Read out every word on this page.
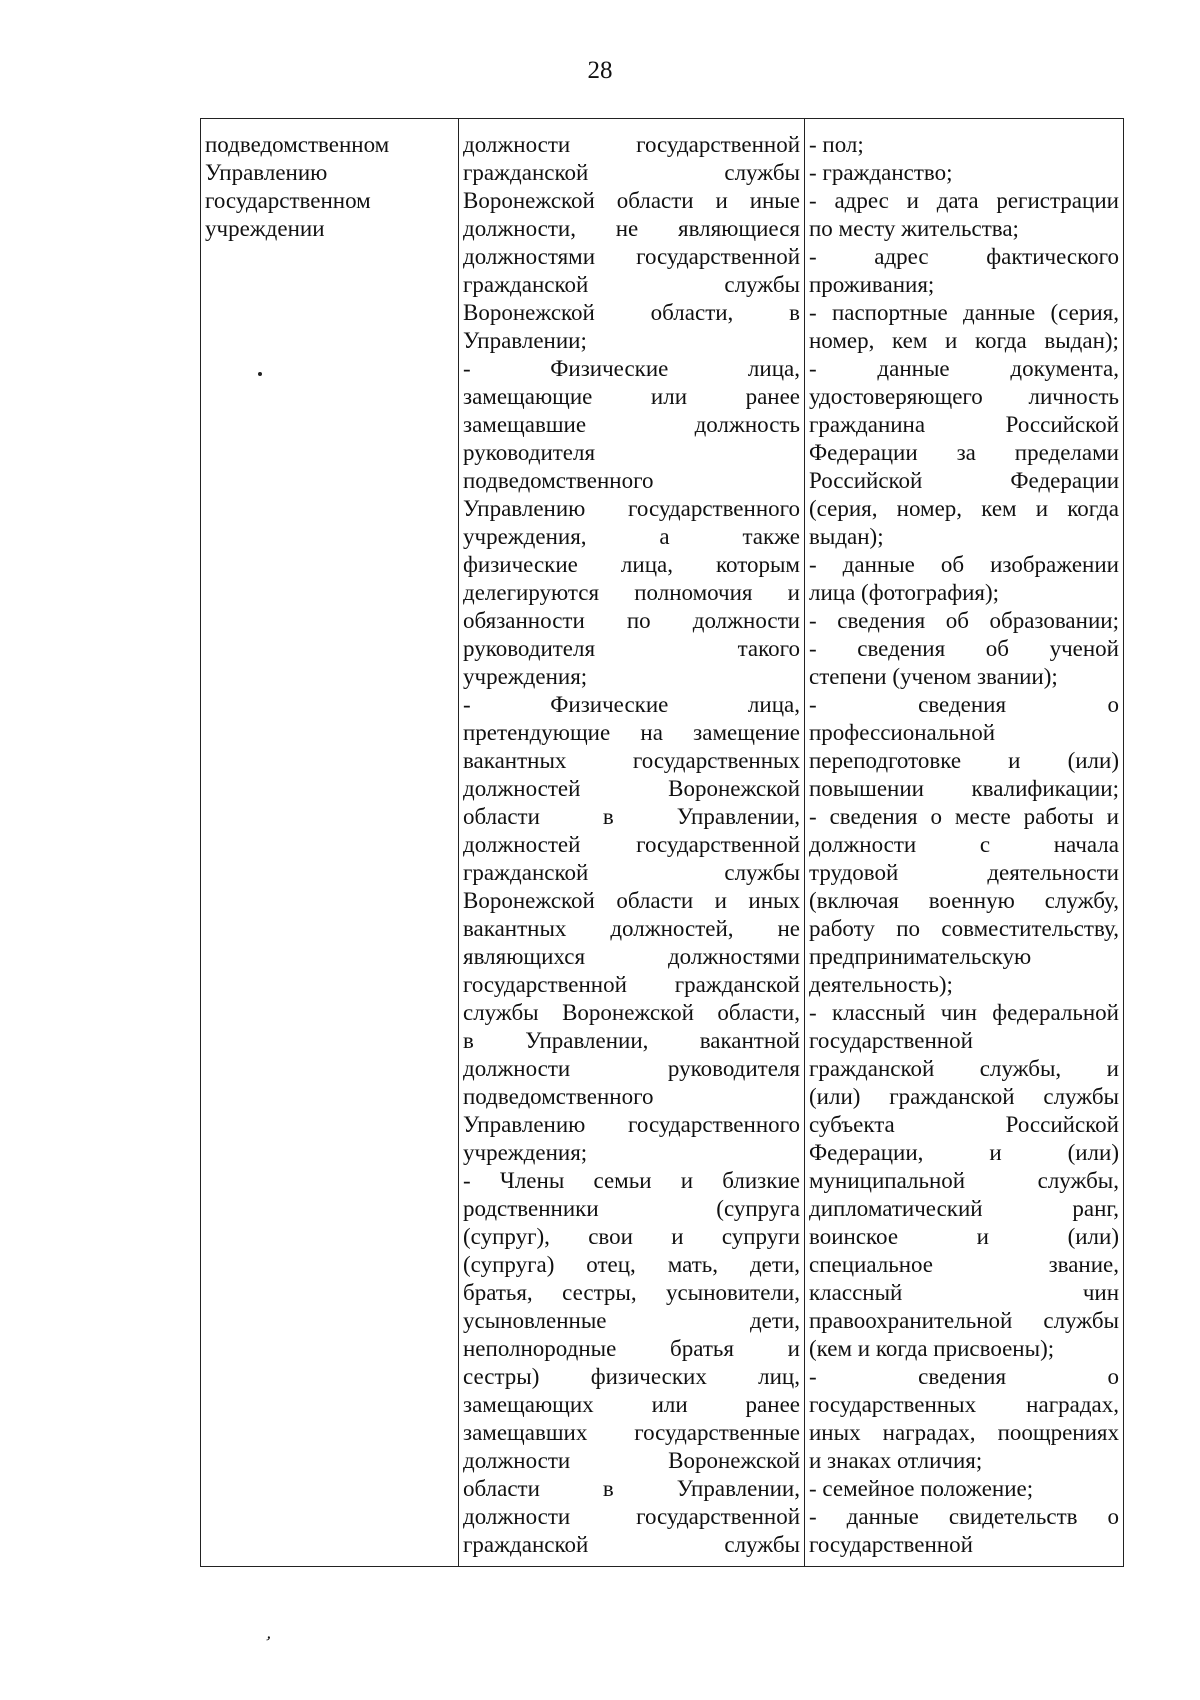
28
подведомственном
Управлению
государственном
учреждении

должности	государственной
гражданской	службы
Воронежской области и иные
должности, не являющиеся
должностями государственной
гражданской	службы
Воронежской области, в
Управлении;
-	Физические	лица,
замещающие	или	ранее
замещавшие	должность
руководителя
подведомственного
Управлению государственного
учреждения,	а	также
физические лица, которым
делегируются полномочия и
обязанности по должности
руководителя	такого
учреждения;
-	Физические	лица,
претендующие на замещение
вакантных	государственных
должностей	Воронежской
области	в	Управлении,
должностей государственной
гражданской	службы
Воронежской области и иных
вакантных должностей, не
являющихся	должностями
государственной гражданской
службы Воронежской области,
в Управлении, вакантной
должности	руководителя
подведомственного
Управлению государственного
учреждения;
- Члены семьи и близкие
родственники	(супруга
(супруг), свои и супруги
(супруга) отец, мать, дети,
братья, сестры, усыновители,
усыновленные	дети,
неполнородные братья и
сестры) физических лиц,
замещающих	или	ранее
замещавших государственные
должности	Воронежской
области	в	Управлении,
должности	государственной
гражданской	службы

- пол;
- гражданство;
- адрес и дата регистрации
по месту жительства;
-	адрес	фактического
проживания;
- паспортные данные (серия,
номер, кем и когда выдан);
-	данные	документа,
удостоверяющего личность
гражданина	Российской
Федерации за пределами
Российской	Федерации
(серия, номер, кем и когда
выдан);
- данные об изображении
лица (фотография);
- сведения об образовании;
- сведения об ученой
степени (ученом звании);
-	сведения	о
профессиональной
переподготовке и (или)
повышении квалификации;
- сведения о месте работы и
должности	с	начала
трудовой	деятельности
(включая военную службу,
работу по совместительству,
предпринимательскую
деятельность);
- классный чин федеральной
государственной
гражданской службы, и
(или) гражданской службы
субъекта	Российской
Федерации,	и	(или)
муниципальной	службы,
дипломатический	ранг,
воинское	и	(или)
специальное	звание,
классный	чин
правоохранительной службы
(кем и когда присвоены);
-	сведения	о
государственных наградах,
иных наградах, поощрениях
и знаках отличия;
- семейное положение;
- данные свидетельств о
государственной
ʼ
